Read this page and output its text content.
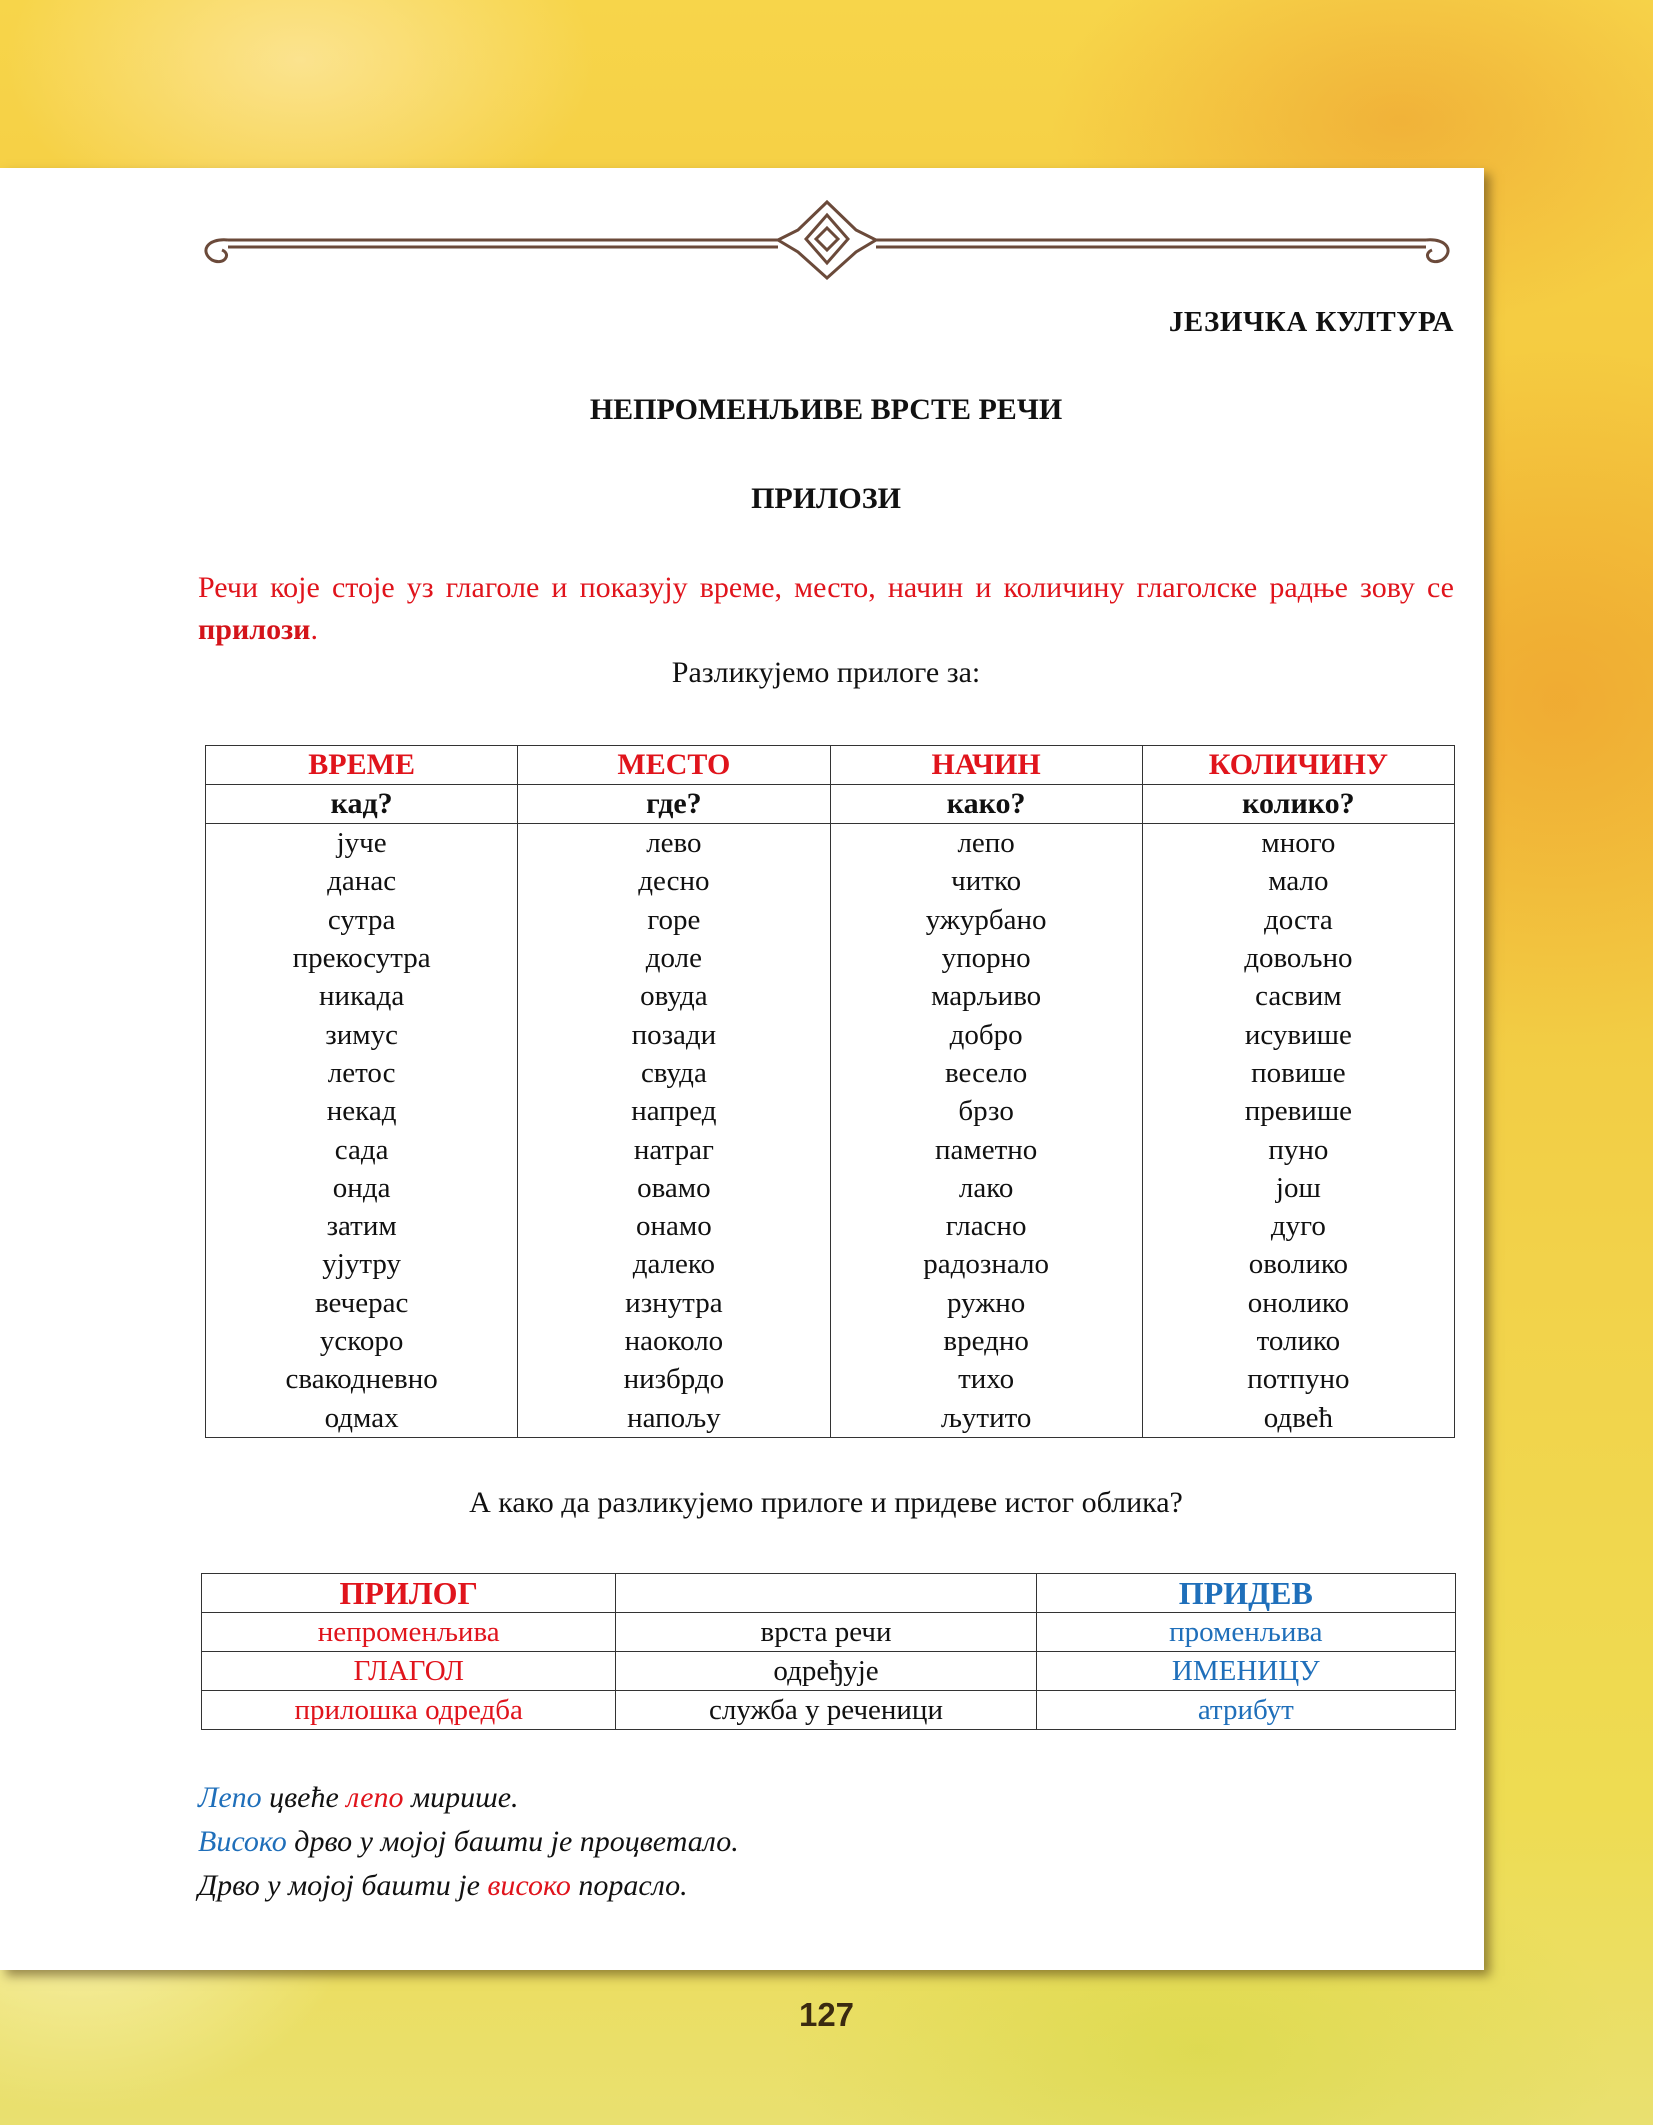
ЈЕЗИЧКА КУЛТУРА
НЕПРОМЕНЉИВЕ ВРСТЕ РЕЧИ
ПРИЛОЗИ
Речи које стоје уз глаголе и показују време, место, начин и количину глаголске радње зову се прилози.
Разликујемо прилоге за:
ВРЕМЕ	МЕСТО	НАЧИН	КОЛИЧИНУ
кад?	где?	како?	колико?
јуче	лево	лепо	много
данас	десно	читко	мало
сутра	горе	ужурбано	доста
прекосутра	доле	упорно	довољно
никада	овуда	марљиво	сасвим
зимус	позади	добро	исувише
летос	свуда	весело	повише
некад	напред	брзо	превише
сада	натраг	паметно	пуно
онда	овамо	лако	још
затим	онамо	гласно	дуго
ујутру	далеко	радознало	оволико
вечерас	изнутра	ружно	онолико
ускоро	наоколо	вредно	толико
свакодневно	низбрдо	тихо	потпуно
одмах	напољу	љутито	одвећ
А како да разликујемо прилоге и придеве истог облика?
ПРИЛОГ		ПРИДЕВ
непроменљива	врста речи	променљива
ГЛАГОЛ	одређује	ИМЕНИЦУ
прилошка одредба	служба у реченици	атрибут
Лепо цвеће лепо мирише.
Високо дрво у мојој башти је процветало.
Дрво у мојој башти је високо порасло.
127
